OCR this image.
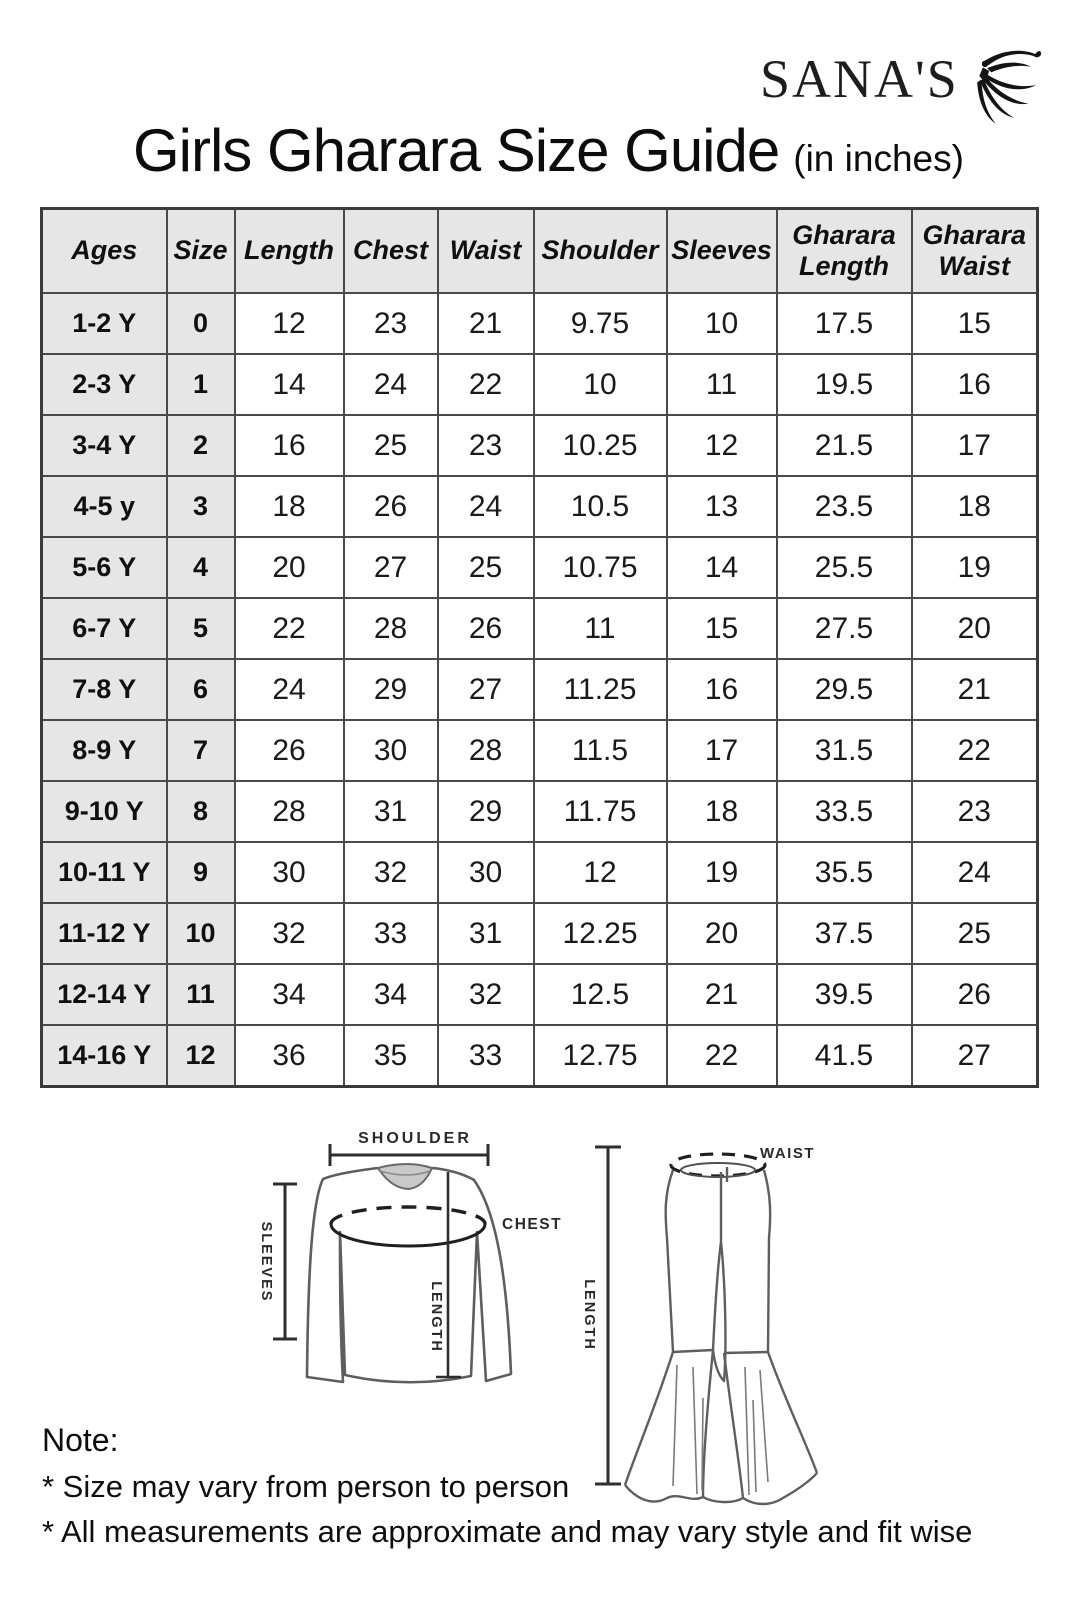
SANA'S
Girls Gharara Size Guide (in inches)
Ages	Size	Length	Chest	Waist	Shoulder	Sleeves	Gharara Length	Gharara Waist
1-2 Y	0	12	23	21	9.75	10	17.5	15
2-3 Y	1	14	24	22	10	11	19.5	16
3-4 Y	2	16	25	23	10.25	12	21.5	17
4-5 y	3	18	26	24	10.5	13	23.5	18
5-6 Y	4	20	27	25	10.75	14	25.5	19
6-7 Y	5	22	28	26	11	15	27.5	20
7-8 Y	6	24	29	27	11.25	16	29.5	21
8-9 Y	7	26	30	28	11.5	17	31.5	22
9-10 Y	8	28	31	29	11.75	18	33.5	23
10-11 Y	9	30	32	30	12	19	35.5	24
11-12 Y	10	32	33	31	12.25	20	37.5	25
12-14 Y	11	34	34	32	12.5	21	39.5	26
14-16 Y	12	36	35	33	12.75	22	41.5	27
SHOULDER
SLEEVES	CHEST
LENGTH	LENGTH
WAIST
Note:
* Size may vary from person to person
* All measurements are approximate and may vary style and fit wise
